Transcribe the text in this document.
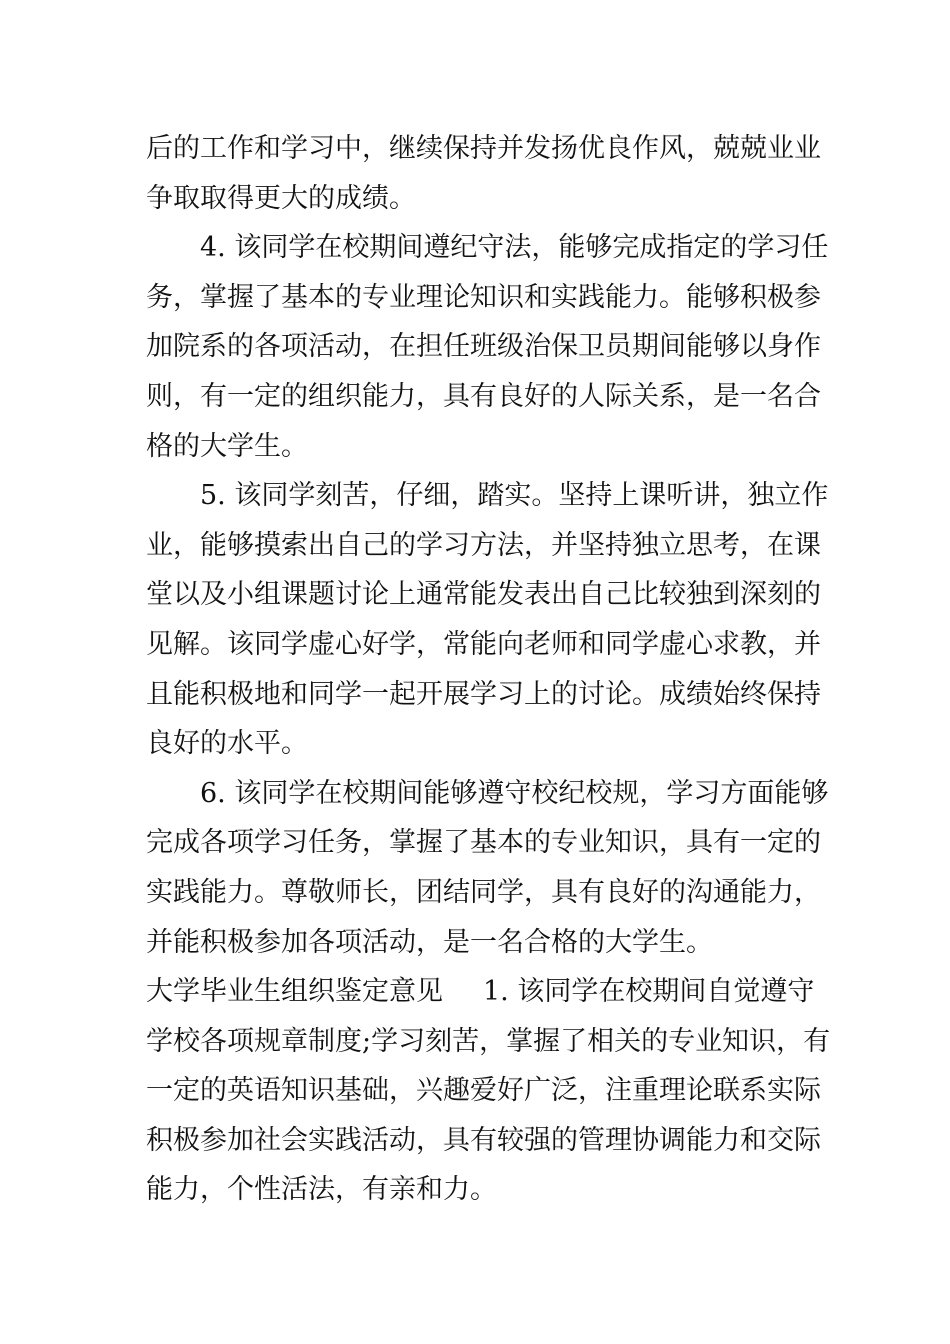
后的工作和学习中，继续保持并发扬优良作风，兢兢业业
争取取得更大的成绩。
4. 该同学在校期间遵纪守法，能够完成指定的学习任
务，掌握了基本的专业理论知识和实践能力。能够积极参
加院系的各项活动，在担任班级治保卫员期间能够以身作
则，有一定的组织能力，具有良好的人际关系，是一名合
格的大学生。
5. 该同学刻苦，仔细，踏实。坚持上课听讲，独立作
业，能够摸索出自己的学习方法，并坚持独立思考，在课
堂以及小组课题讨论上通常能发表出自己比较独到深刻的
见解。该同学虚心好学，常能向老师和同学虚心求教，并
且能积极地和同学一起开展学习上的讨论。成绩始终保持
良好的水平。
6. 该同学在校期间能够遵守校纪校规，学习方面能够
完成各项学习任务，掌握了基本的专业知识，具有一定的
实践能力。尊敬师长，团结同学，具有良好的沟通能力，
并能积极参加各项活动，是一名合格的大学生。
大学毕业生组织鉴定意见 1. 该同学在校期间自觉遵守
学校各项规章制度;学习刻苦，掌握了相关的专业知识，有
一定的英语知识基础，兴趣爱好广泛，注重理论联系实际
积极参加社会实践活动，具有较强的管理协调能力和交际
能力，个性活法，有亲和力。
